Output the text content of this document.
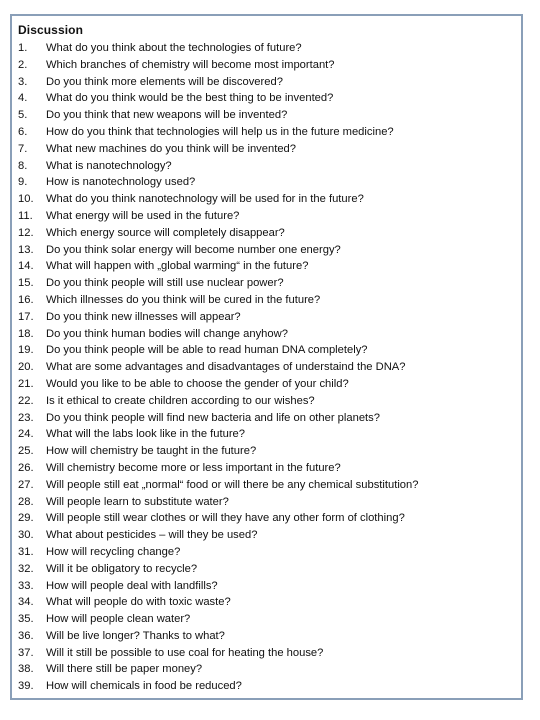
Discussion
1.	What do you think about the technologies of future?
2.	Which branches of chemistry will become most important?
3.	Do you think more elements will be discovered?
4.	What do you think would be the best thing to be invented?
5.	Do you think that new weapons will be invented?
6.	How do you think that technologies will help us in the future medicine?
7.	What new machines do you think will be invented?
8.	What is nanotechnology?
9.	How is nanotechnology used?
10.	What do you think nanotechnology will be used for in the future?
11.	What energy will be used in the future?
12.	Which energy source will completely disappear?
13.	Do you think solar energy will become number one energy?
14.	What will happen with „global warming“ in the future?
15.	Do you think people will still use nuclear power?
16.	Which illnesses do you think will be cured in the future?
17.	Do you think new illnesses will appear?
18.	Do you think human bodies will change anyhow?
19.	Do you think people will be able to read human DNA completely?
20.	What are some advantages and disadvantages of understaind the DNA?
21.	Would you like to be able to choose the gender of your child?
22.	Is it ethical to create children according to our wishes?
23.	Do you think people will find new bacteria and life on other planets?
24.	What will the labs look like in the future?
25.	How will chemistry be taught in the future?
26.	Will chemistry become more or less important in the future?
27.	Will people still eat „normal“ food or will there be any chemical substitution?
28.	Will people learn to substitute water?
29.	Will people still wear clothes or will they have any other form of clothing?
30.	What about pesticides – will they be used?
31.	How will recycling change?
32.	Will it be obligatory to recycle?
33.	How will people deal with landfills?
34.	What will people do with toxic waste?
35.	How will people clean water?
36.	Will be live longer? Thanks to what?
37.	Will it still be possible to use coal for heating the house?
38.	Will there still be paper money?
39.	How will chemicals in food be reduced?
